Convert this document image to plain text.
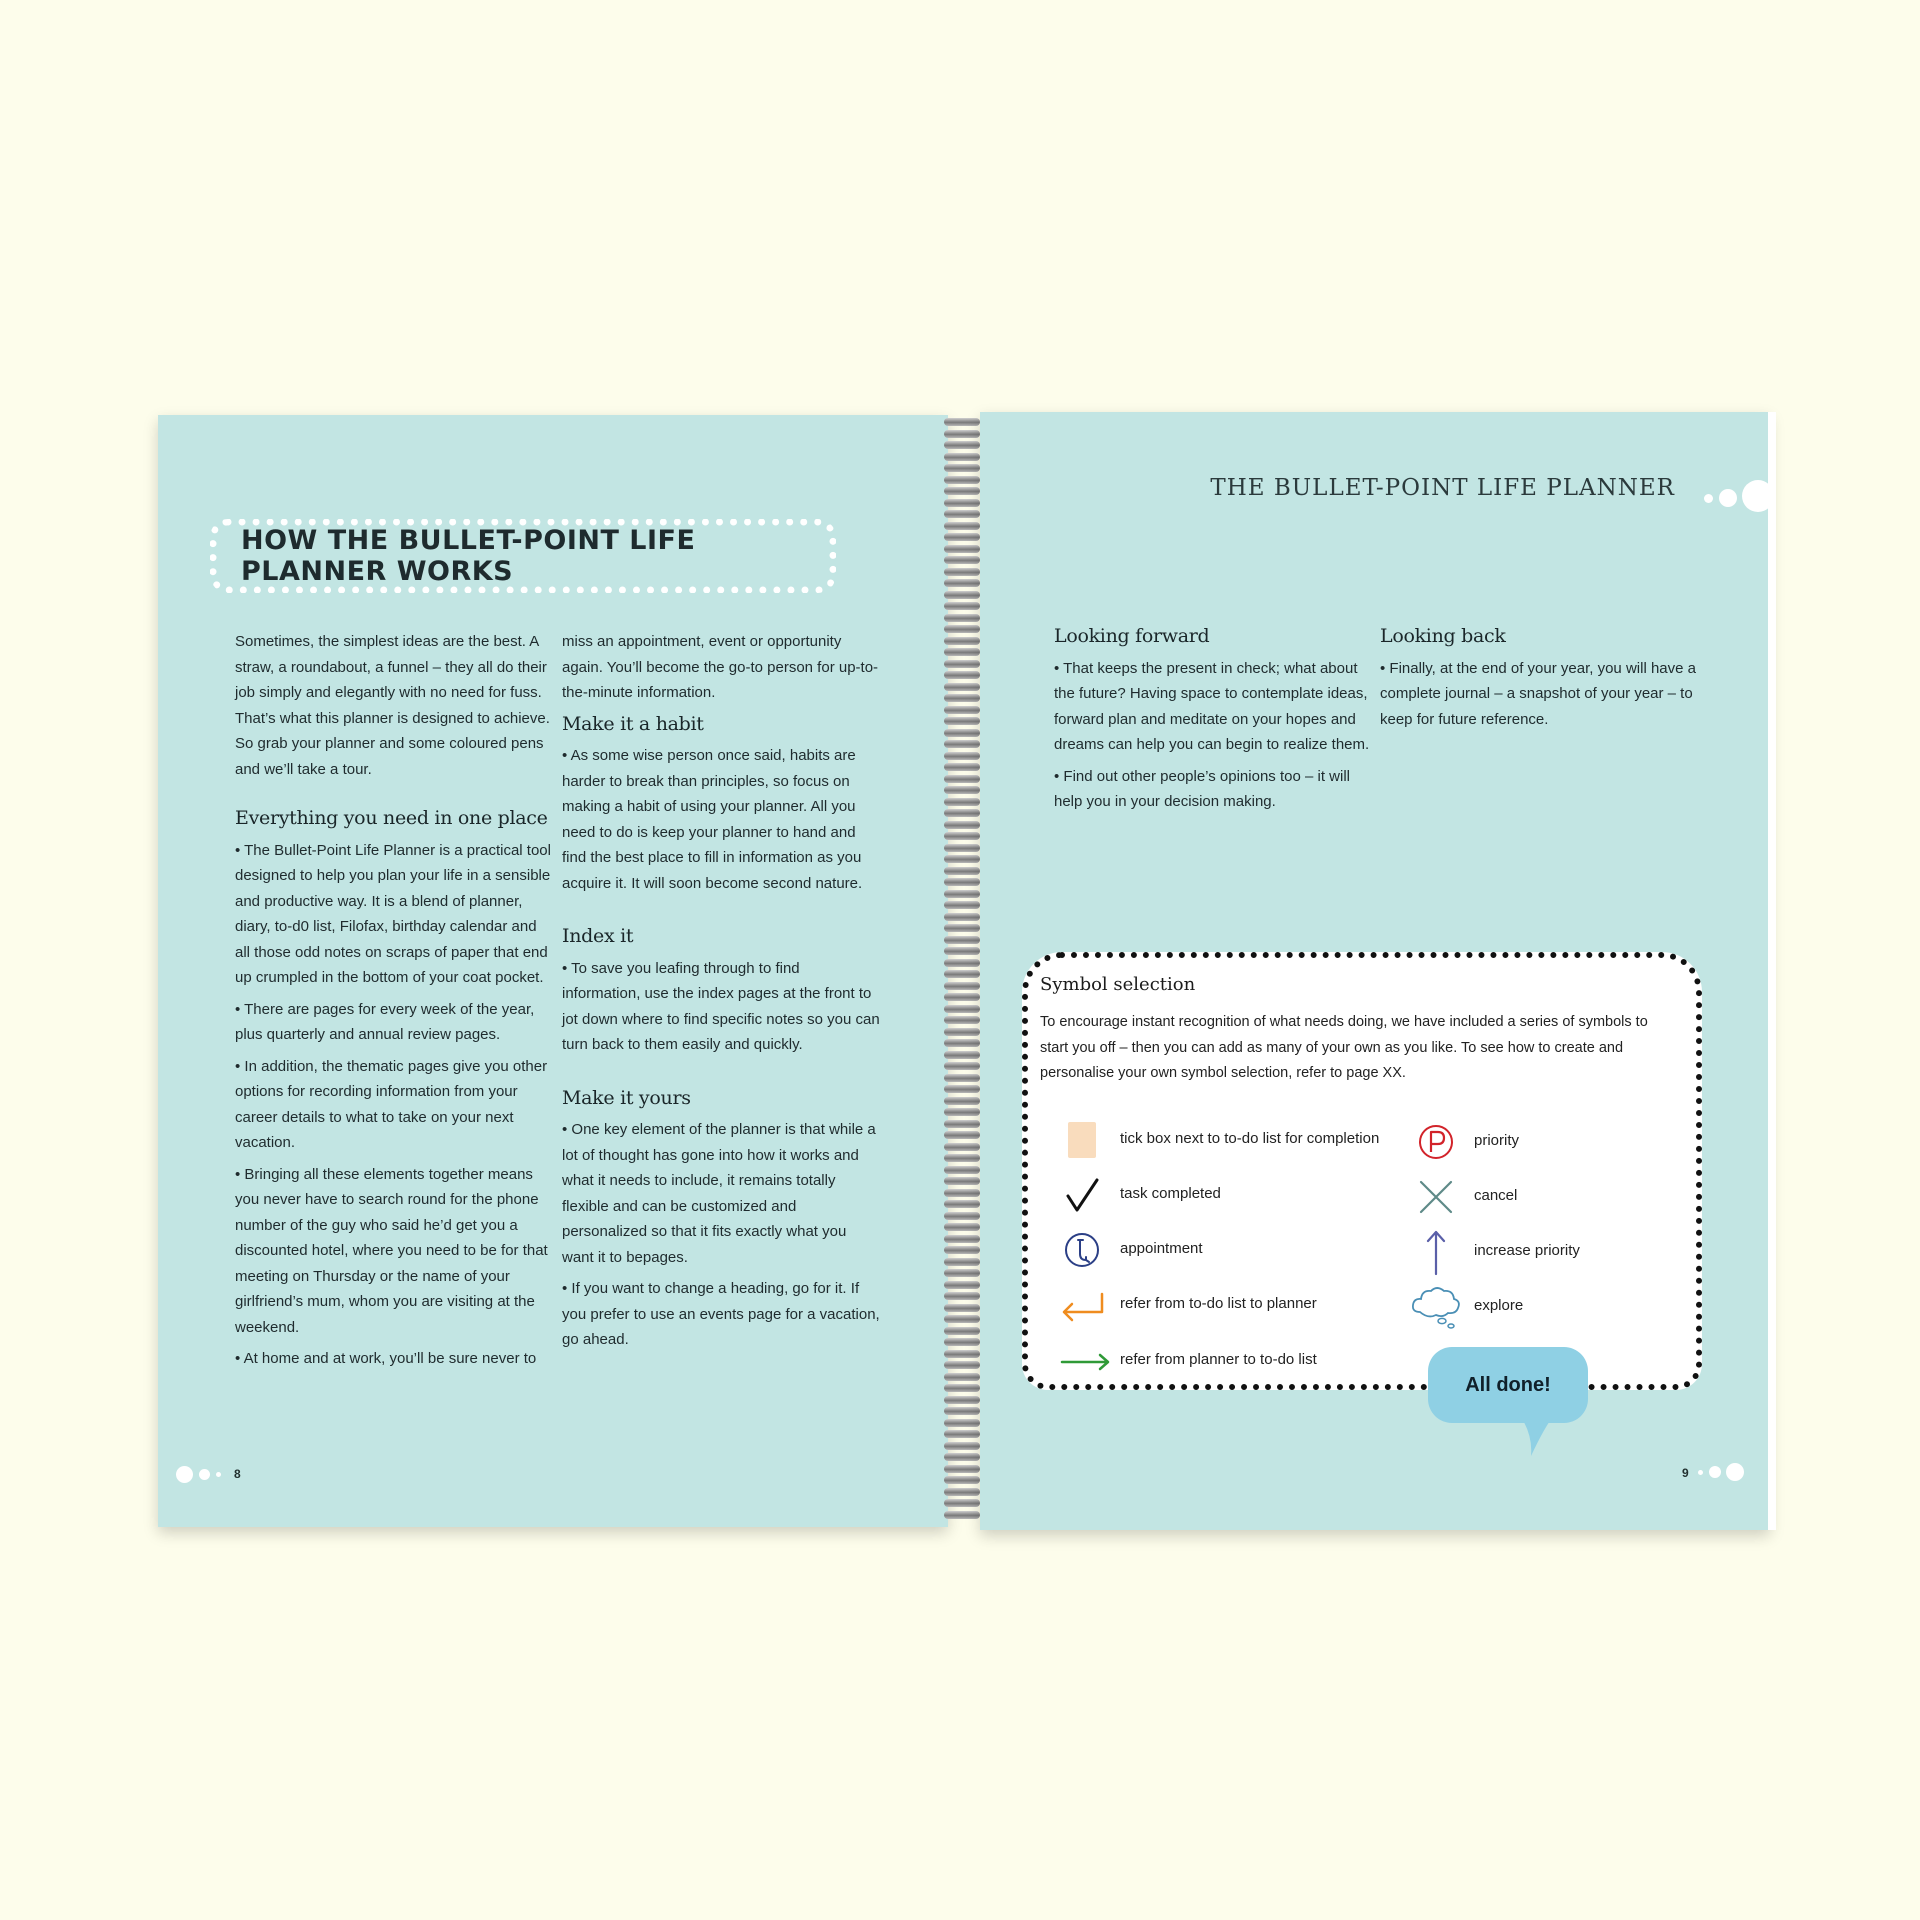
HOW THE BULLET-POINT LIFE PLANNER WORKS

Sometimes, the simplest ideas are the best. A straw, a roundabout, a funnel – they all do their job simply and elegantly with no need for fuss. That’s what this planner is designed to achieve. So grab your planner and some coloured pens and we’ll take a tour.

Everything you need in one place

• The Bullet-Point Life Planner is a practical tool designed to help you plan your life in a sensible and productive way. It is a blend of planner, diary, to-d0 list, Filofax, birthday calendar and all those odd notes on scraps of paper that end up crumpled in the bottom of your coat pocket.

• There are pages for every week of the year, plus quarterly and annual review pages.

• In addition, the thematic pages give you other options for recording information from your career details to what to take on your next vacation.

• Bringing all these elements together means you never have to search round for the phone number of the guy who said he’d get you a discounted hotel, where you need to be for that meeting on Thursday or the name of your girlfriend’s mum, whom you are visiting at the weekend.

• At home and at work, you’ll be sure never to

miss an appointment, event or opportunity again. You’ll become the go-to person for up-to-the-minute information.

Make it a habit

• As some wise person once said, habits are harder to break than principles, so focus on making a habit of using your planner. All you need to do is keep your planner to hand and find the best place to fill in information as you acquire it. It will soon become second nature.

Index it

• To save you leafing through to find information, use the index pages at the front to jot down where to find specific notes so you can turn back to them easily and quickly.

Make it yours

• One key element of the planner is that while a lot of thought has gone into how it works and what it needs to include, it remains totally flexible and can be customized and personalized so that it fits exactly what you want it to bepages.

• If you want to change a heading, go for it. If you prefer to use an events page for a vacation, go ahead.

8
THE BULLET-POINT LIFE PLANNER
Looking forward

• That keeps the present in check; what about the future? Having space to contemplate ideas, forward plan and meditate on your hopes and dreams can help you can begin to realize them.

• Find out other people’s opinions too – it will help you in your decision making.

Looking back

• Finally, at the end of your year, you will have a complete journal – a snapshot of your year – to keep for future reference.

Symbol selection
To encourage instant recognition of what needs doing, we have included a series of symbols to start you off – then you can add as many of your own as you like. To see how to create and personalise your own symbol selection, refer to page XX.
tick box next to to-do list for completion
task completed
appointment
refer from to-do list to planner
refer from planner to to-do list
priority
cancel
increase priority
explore
All done!
9
